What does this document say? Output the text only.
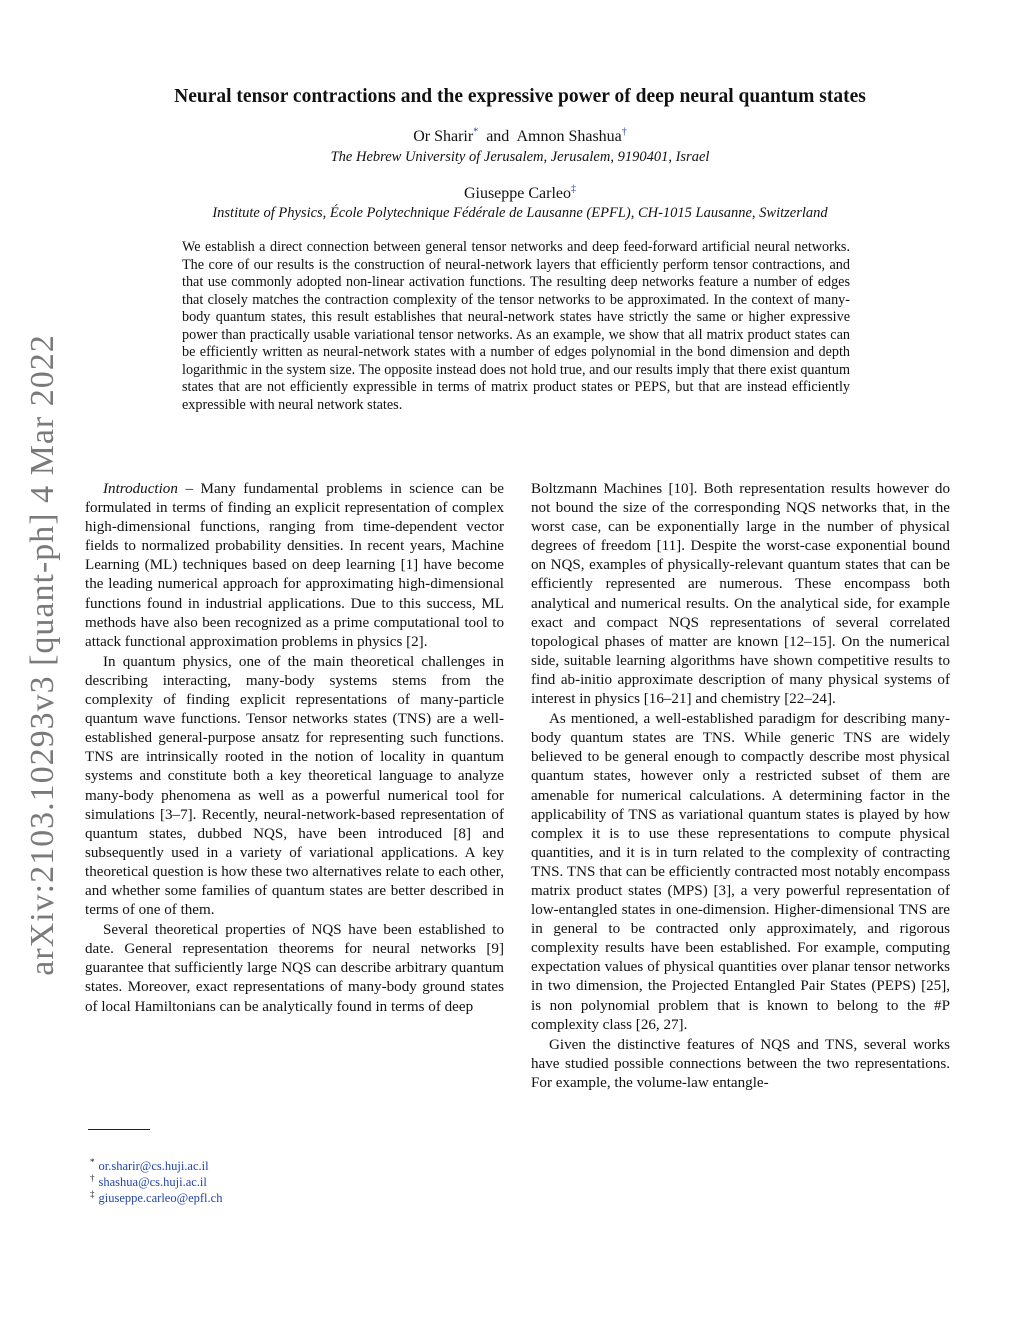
arXiv:2103.10293v3 [quant-ph] 4 Mar 2022
Neural tensor contractions and the expressive power of deep neural quantum states
Or Sharir* and Amnon Shashua†
The Hebrew University of Jerusalem, Jerusalem, 9190401, Israel
Giuseppe Carleo‡
Institute of Physics, École Polytechnique Fédérale de Lausanne (EPFL), CH-1015 Lausanne, Switzerland
We establish a direct connection between general tensor networks and deep feed-forward artificial neural networks. The core of our results is the construction of neural-network layers that efficiently perform tensor contractions, and that use commonly adopted non-linear activation functions. The resulting deep networks feature a number of edges that closely matches the contraction complexity of the tensor networks to be approximated. In the context of many-body quantum states, this result establishes that neural-network states have strictly the same or higher expressive power than practically usable variational tensor networks. As an example, we show that all matrix product states can be efficiently written as neural-network states with a number of edges polynomial in the bond dimension and depth logarithmic in the system size. The opposite instead does not hold true, and our results imply that there exist quantum states that are not efficiently expressible in terms of matrix product states or PEPS, but that are instead efficiently expressible with neural network states.

Introduction – Many fundamental problems in science can be formulated in terms of finding an explicit representation of complex high-dimensional functions, ranging from time-dependent vector fields to normalized probability densities. In recent years, Machine Learning (ML) techniques based on deep learning [1] have become the leading numerical approach for approximating high-dimensional functions found in industrial applications. Due to this success, ML methods have also been recognized as a prime computational tool to attack functional approximation problems in physics [2].

In quantum physics, one of the main theoretical challenges in describing interacting, many-body systems stems from the complexity of finding explicit representations of many-particle quantum wave functions. Tensor networks states (TNS) are a well-established general-purpose ansatz for representing such functions. TNS are intrinsically rooted in the notion of locality in quantum systems and constitute both a key theoretical language to analyze many-body phenomena as well as a powerful numerical tool for simulations [3–7]. Recently, neural-network-based representation of quantum states, dubbed NQS, have been introduced [8] and subsequently used in a variety of variational applications. A key theoretical question is how these two alternatives relate to each other, and whether some families of quantum states are better described in terms of one of them.

Several theoretical properties of NQS have been established to date. General representation theorems for neural networks [9] guarantee that sufficiently large NQS can describe arbitrary quantum states. Moreover, exact representations of many-body ground states of local Hamiltonians can be analytically found in terms of deep

Boltzmann Machines [10]. Both representation results however do not bound the size of the corresponding NQS networks that, in the worst case, can be exponentially large in the number of physical degrees of freedom [11]. Despite the worst-case exponential bound on NQS, examples of physically-relevant quantum states that can be efficiently represented are numerous. These encompass both analytical and numerical results. On the analytical side, for example exact and compact NQS representations of several correlated topological phases of matter are known [12–15]. On the numerical side, suitable learning algorithms have shown competitive results to find ab-initio approximate description of many physical systems of interest in physics [16–21] and chemistry [22–24].

As mentioned, a well-established paradigm for describing many-body quantum states are TNS. While generic TNS are widely believed to be general enough to compactly describe most physical quantum states, however only a restricted subset of them are amenable for numerical calculations. A determining factor in the applicability of TNS as variational quantum states is played by how complex it is to use these representations to compute physical quantities, and it is in turn related to the complexity of contracting TNS. TNS that can be efficiently contracted most notably encompass matrix product states (MPS) [3], a very powerful representation of low-entangled states in one-dimension. Higher-dimensional TNS are in general to be contracted only approximately, and rigorous complexity results have been established. For example, computing expectation values of physical quantities over planar tensor networks in two dimension, the Projected Entangled Pair States (PEPS) [25], is non polynomial problem that is known to belong to the #P complexity class [26, 27].

Given the distinctive features of NQS and TNS, several works have studied possible connections between the two representations. For example, the volume-law entangle-

* or.sharir@cs.huji.ac.il
† shashua@cs.huji.ac.il
‡ giuseppe.carleo@epfl.ch
